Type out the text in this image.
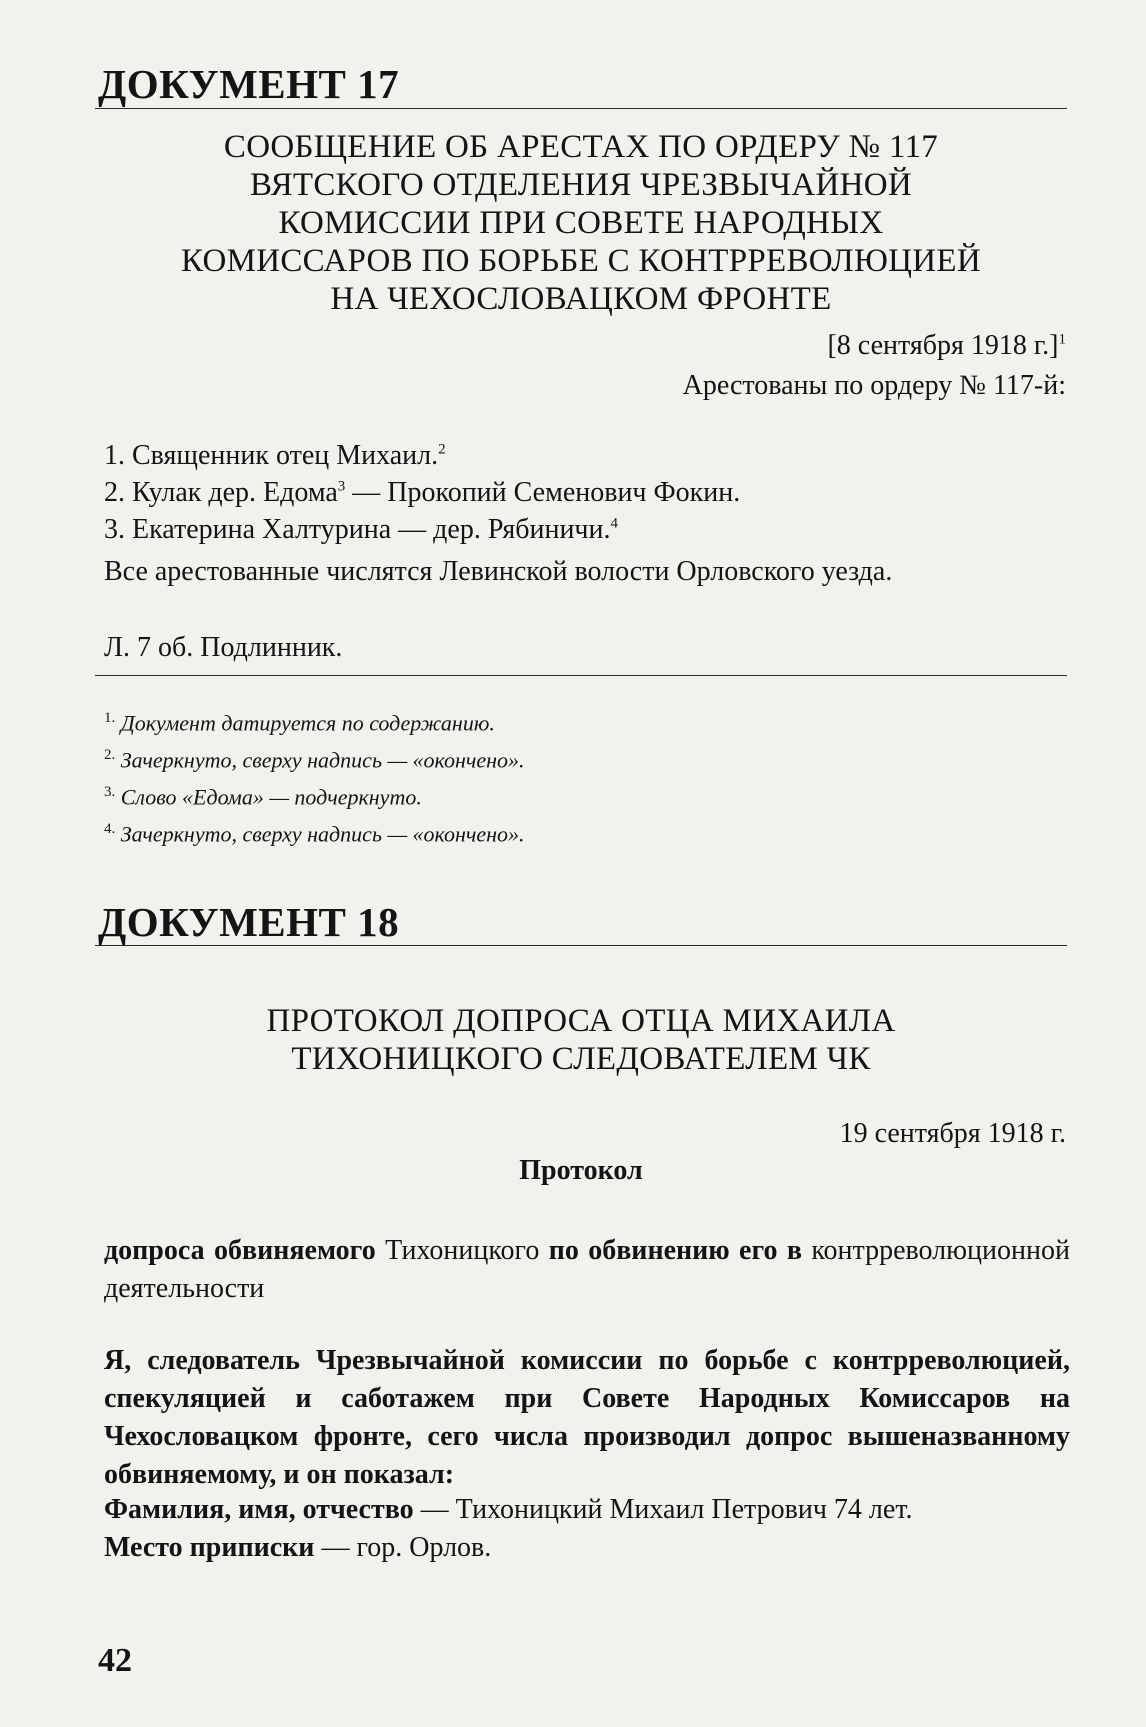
ДОКУМЕНТ 17
СООБЩЕНИЕ ОБ АРЕСТАХ ПО ОРДЕРУ № 117
ВЯТСКОГО ОТДЕЛЕНИЯ ЧРЕЗВЫЧАЙНОЙ
КОМИССИИ ПРИ СОВЕТЕ НАРОДНЫХ
КОМИССАРОВ ПО БОРЬБЕ С КОНТРРЕВОЛЮЦИЕЙ
НА ЧЕХОСЛОВАЦКОМ ФРОНТЕ
[8 сентября 1918 г.]$^1$
Арестованы по ордеру № 117-й:
1. Священник отец Михаил.$^2$
2. Кулак дер. Едома$^3$ — Прокопий Семенович Фокин.
3. Екатерина Халтурина — дер. Рябиничи.$^4$
Все арестованные числятся Левинской волости Орловского уезда.
Л. 7 об. Подлинник.
$^{1.}$ Документ датируется по содержанию.
$^{2.}$ Зачеркнуто, сверху надпись — «окончено».
$^{3.}$ Слово «Едома» — подчеркнуто.
$^{4.}$ Зачеркнуто, сверху надпись — «окончено».
ДОКУМЕНТ 18
ПРОТОКОЛ ДОПРОСА ОТЦА МИХАИЛА
ТИХОНИЦКОГО СЛЕДОВАТЕЛЕМ ЧК
19 сентября 1918 г.
Протокол
допроса обвиняемого Тихоницкого по обвинению его в контрреволюционной деятельности
Я, следователь Чрезвычайной комиссии по борьбе с контрреволюцией, спекуляцией и саботажем при Совете Народных Комиссаров на Чехословацком фронте, сего числа производил допрос вышеназванному обвиняемому, и он показал:
Фамилия, имя, отчество — Тихоницкий Михаил Петрович 74 лет.
Место приписки — гор. Орлов.
42
